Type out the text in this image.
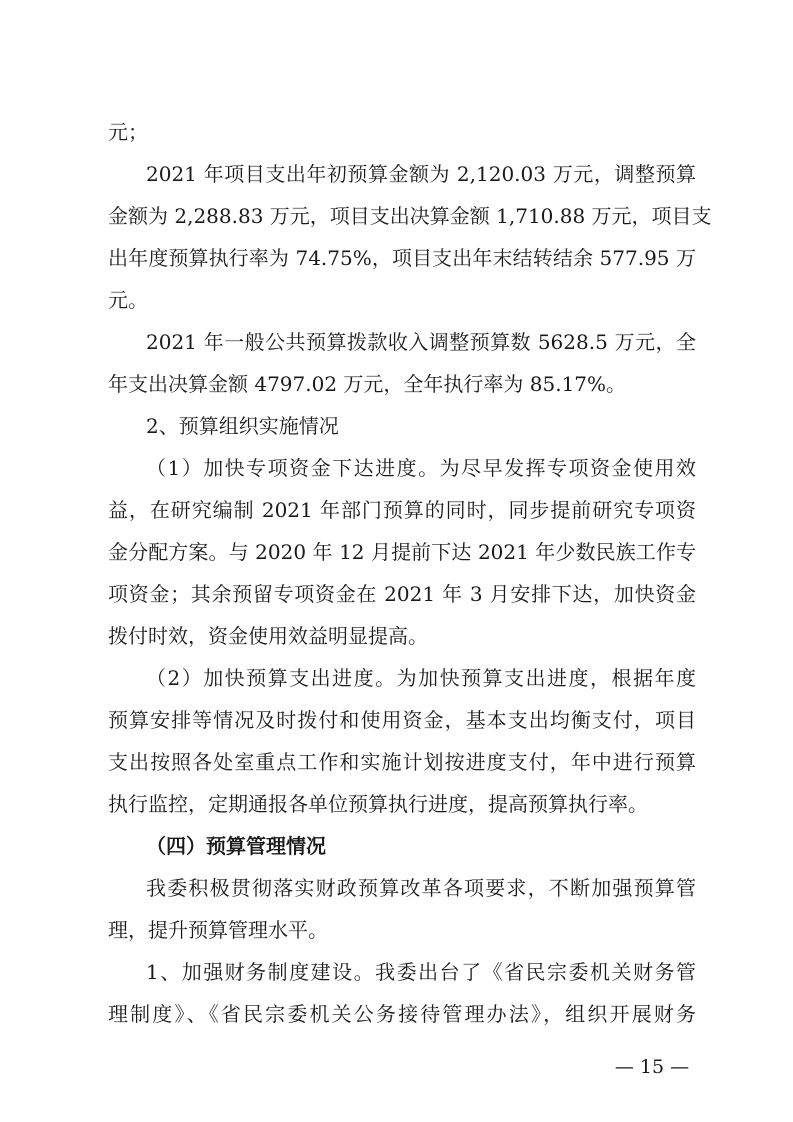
元；
2021 年项目支出年初预算金额为 2,120.03 万元，调整预算
金额为 2,288.83 万元，项目支出决算金额 1,710.88 万元，项目支
出年度预算执行率为 74.75%，项目支出年末结转结余 577.95 万
元。
2021 年一般公共预算拨款收入调整预算数 5628.5 万元，全
年支出决算金额 4797.02 万元，全年执行率为 85.17%。
2、预算组织实施情况
（1）加快专项资金下达进度。为尽早发挥专项资金使用效
益，在研究编制 2021 年部门预算的同时，同步提前研究专项资
金分配方案。与 2020 年 12 月提前下达 2021 年少数民族工作专
项资金；其余预留专项资金在 2021 年 3 月安排下达，加快资金
拨付时效，资金使用效益明显提高。
（2）加快预算支出进度。为加快预算支出进度，根据年度
预算安排等情况及时拨付和使用资金，基本支出均衡支付，项目
支出按照各处室重点工作和实施计划按进度支付，年中进行预算
执行监控，定期通报各单位预算执行进度，提高预算执行率。
（四）预算管理情况
我委积极贯彻落实财政预算改革各项要求，不断加强预算管
理，提升预算管理水平。
1、加强财务制度建设。我委出台了《省民宗委机关财务管
理制度》、《省民宗委机关公务接待管理办法》，组织开展财务
— 15 —
